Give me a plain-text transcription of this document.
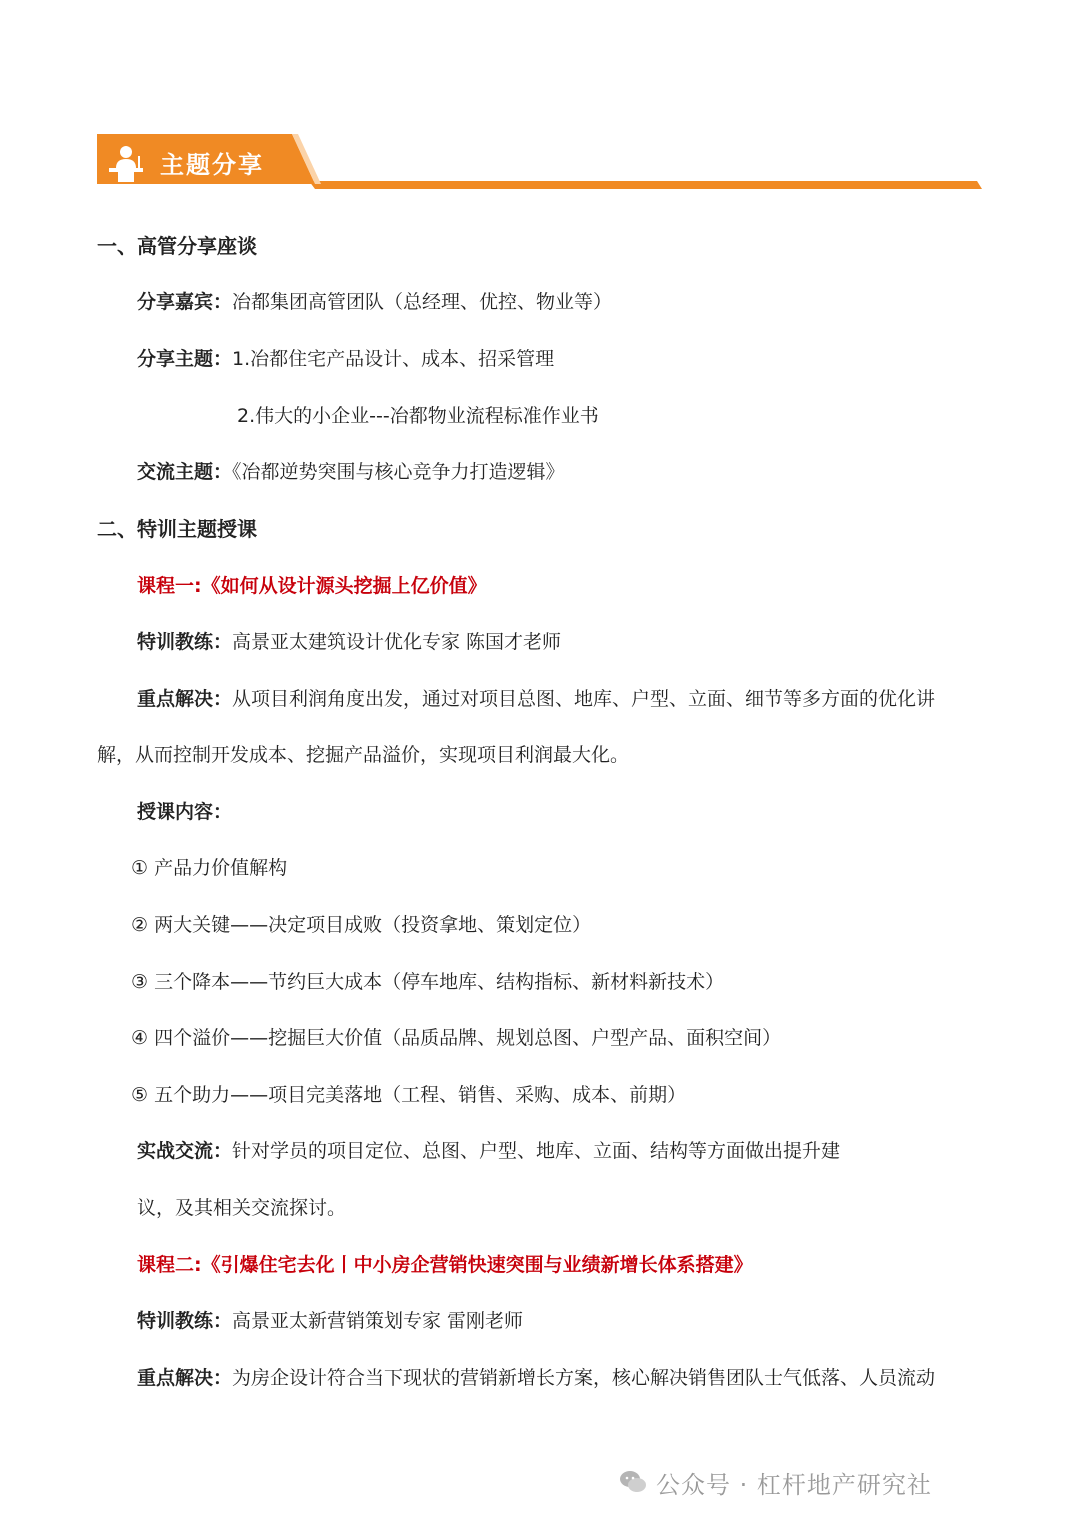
主题分享
一、高管分享座谈
分享嘉宾：冶都集团高管团队（总经理、优控、物业等）
分享主题：1.冶都住宅产品设计、成本、招采管理
2.伟大的小企业---冶都物业流程标准作业书
交流主题：《冶都逆势突围与核心竞争力打造逻辑》
二、特训主题授课
课程一:《如何从设计源头挖掘上亿价值》
特训教练：高景亚太建筑设计优化专家 陈国才老师
重点解决：从项目利润角度出发，通过对项目总图、地库、户型、立面、细节等多方面的优化讲
解，从而控制开发成本、挖掘产品溢价，实现项目利润最大化。
授课内容：
① 产品力价值解构
② 两大关键——决定项目成败（投资拿地、策划定位）
③ 三个降本——节约巨大成本（停车地库、结构指标、新材料新技术）
④ 四个溢价——挖掘巨大价值（品质品牌、规划总图、户型产品、面积空间）
⑤ 五个助力——项目完美落地（工程、销售、采购、成本、前期）
实战交流：针对学员的项目定位、总图、户型、地库、立面、结构等方面做出提升建
议，及其相关交流探讨。
课程二:《引爆住宅去化丨中小房企营销快速突围与业绩新增长体系搭建》
特训教练：高景亚太新营销策划专家 雷刚老师
重点解决：为房企设计符合当下现状的营销新增长方案，核心解决销售团队士气低落、人员流动
公众号 · 杠杆地产研究社
